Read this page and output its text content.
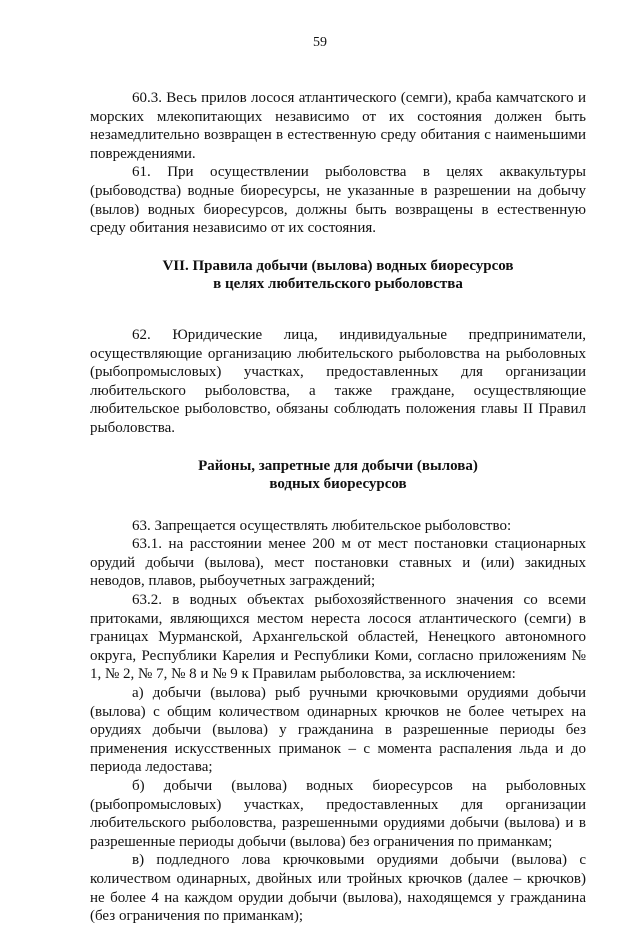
59

60.3. Весь прилов лосося атлантического (семги), краба камчатского и морских млекопитающих независимо от их состояния должен быть незамедлительно возвращен в естественную среду обитания с наименьшими повреждениями.

61. При осуществлении рыболовства в целях аквакультуры (рыбоводства) водные биоресурсы, не указанные в разрешении на добычу (вылов) водных биоресурсов, должны быть возвращены в естественную среду обитания независимо от их состояния.

VII. Правила добычи (вылова) водных биоресурсов

в целях любительского рыболовства

62. Юридические лица, индивидуальные предприниматели, осуществляющие организацию любительского рыболовства на рыболовных (рыбопромысловых) участках, предоставленных для организации любительского рыболовства, а также граждане, осуществляющие любительское рыболовство, обязаны соблюдать положения главы II Правил рыболовства.

Районы, запретные для добычи (вылова)

водных биоресурсов

63. Запрещается осуществлять любительское рыболовство:

63.1. на расстоянии менее 200 м от мест постановки стационарных орудий добычи (вылова), мест постановки ставных и (или) закидных неводов, плавов, рыбоучетных заграждений;

63.2. в водных объектах рыбохозяйственного значения со всеми притоками, являющихся местом нереста лосося атлантического (семги) в границах Мурманской, Архангельской областей, Ненецкого автономного округа, Республики Карелия и Республики Коми, согласно приложениям № 1, № 2, № 7, № 8 и № 9 к Правилам рыболовства, за исключением:

а) добычи (вылова) рыб ручными крючковыми орудиями добычи (вылова) с общим количеством одинарных крючков не более четырех на орудиях добычи (вылова) у гражданина в разрешенные периоды без применения искусственных приманок – с момента распаления льда и до периода ледостава;

б) добычи (вылова) водных биоресурсов на рыболовных (рыбопромысловых) участках, предоставленных для организации любительского рыболовства, разрешенными орудиями добычи (вылова) и в разрешенные периоды добычи (вылова) без ограничения по приманкам;

в) подледного лова крючковыми орудиями добычи (вылова) с количеством одинарных, двойных или тройных крючков (далее – крючков) не более 4 на каждом орудии добычи (вылова), находящемся у гражданина (без ограничения по приманкам);
